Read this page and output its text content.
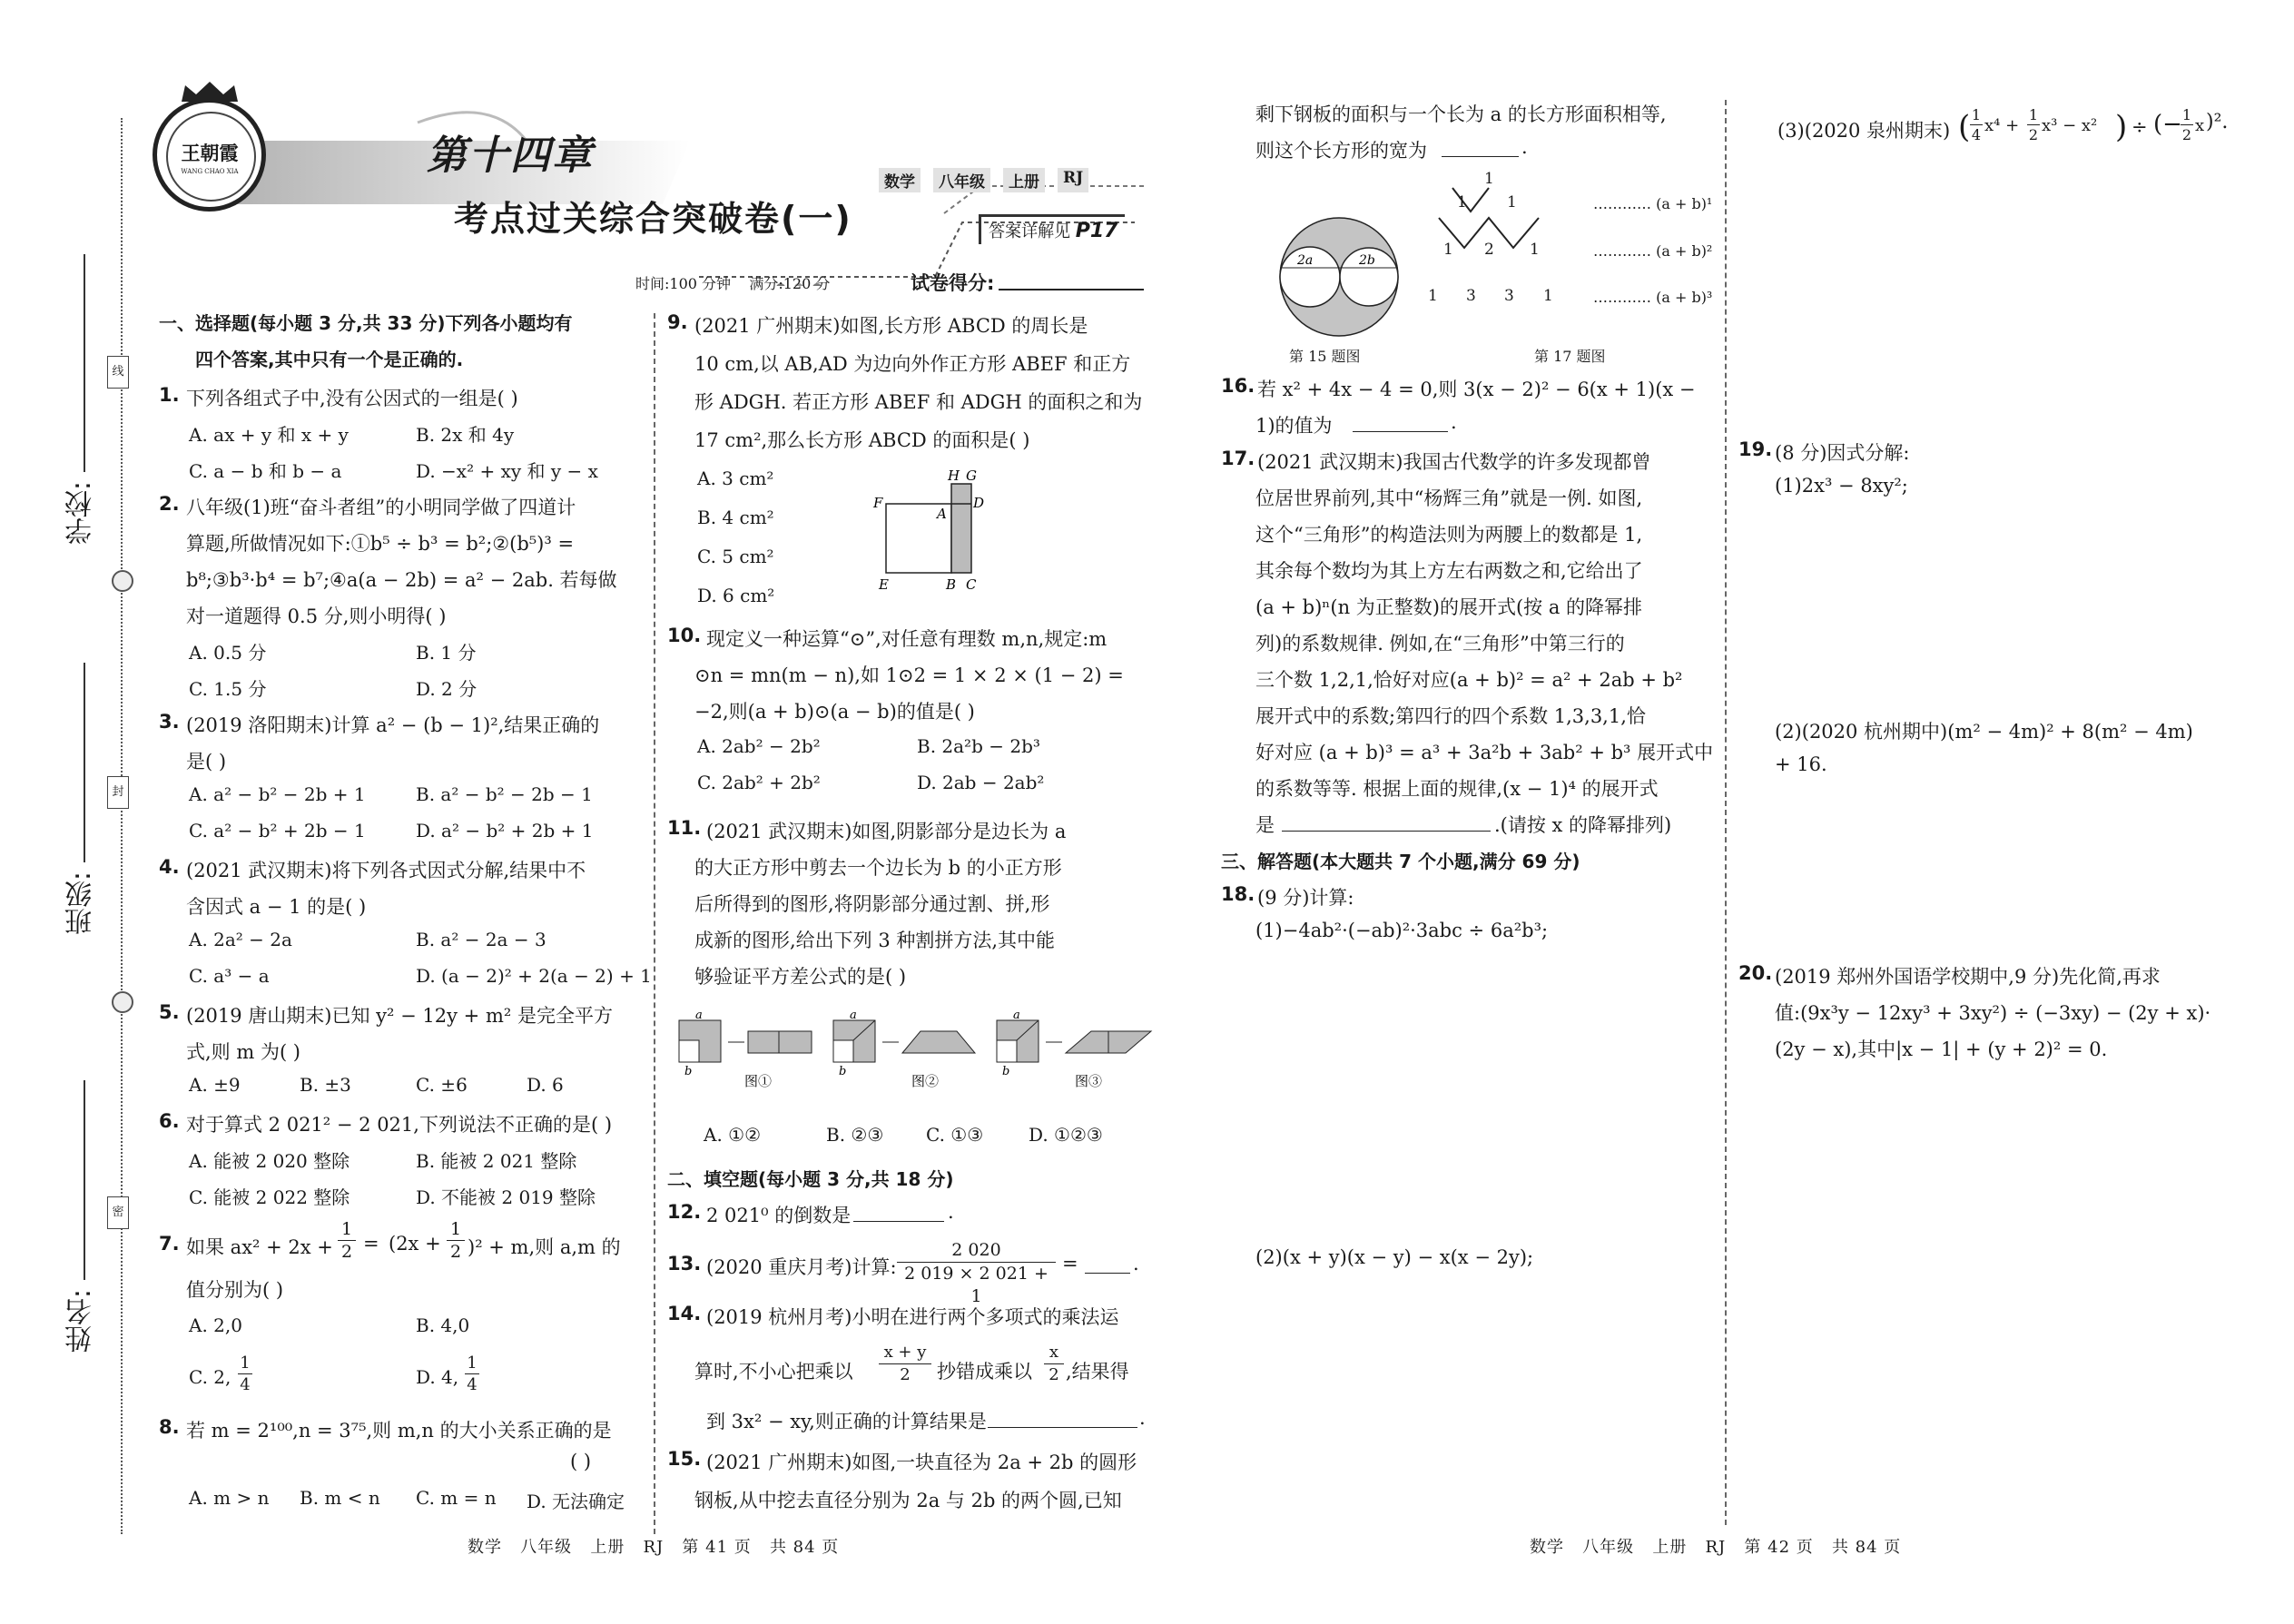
学校:
班级:
姓名:
线
封
密
王朝霞
WANG CHAO XIA	第十四章
考点过关综合突破卷(一)
数学	八年级	上册	RJ
答案详解见 P17
时间:100 分钟    满分:120 分	试卷得分:
一、选择题(每小题 3 分,共 33 分)下列各小题均有
四个答案,其中只有一个是正确的.
1. 下列各组式子中,没有公因式的一组是( )
A. ax + y 和 x + y	B. 2x 和 4y
C. a − b 和 b − a	D. −x² + xy 和 y − x
2. 八年级(1)班“奋斗者组”的小明同学做了四道计
算题,所做情况如下:①b⁵ ÷ b³ = b²;②(b⁵)³ =
b⁸;③b³·b⁴ = b⁷;④a(a − 2b) = a² − 2ab. 若每做
对一道题得 0.5 分,则小明得( )
A. 0.5 分	B. 1 分
C. 1.5 分	D. 2 分
3. (2019 洛阳期末)计算 a² − (b − 1)²,结果正确的
是( )
A. a² − b² − 2b + 1	B. a² − b² − 2b − 1
C. a² − b² + 2b − 1	D. a² − b² + 2b + 1
4. (2021 武汉期末)将下列各式因式分解,结果中不
含因式 a − 1 的是( )
A. 2a² − 2a	B. a² − 2a − 3
C. a³ − a	D. (a − 2)² + 2(a − 2) + 1
5. (2019 唐山期末)已知 y² − 12y + m² 是完全平方
式,则 m 为( )
A. ±9	B. ±3	C. ±6	D. 6
6. 对于算式 2 021² − 2 021,下列说法不正确的是( )
A. 能被 2 020 整除	B. 能被 2 021 整除
C. 能被 2 022 整除	D. 不能被 2 019 整除
7. 如果 ax² + 2x +
1
2 = (2x +
1
2 )² + m,则 a,m 的
值分别为( )
A. 2,0	B. 4,0
C. 2,
1
4	D. 4,
1
4
8. 若 m = 2¹⁰⁰,n = 3⁷⁵,则 m,n 的大小关系正确的是
( )
A. m > n B. m < n C. m = n D. 无法确定
9. (2021 广州期末)如图,长方形 ABCD 的周长是
10 cm,以 AB,AD 为边向外作正方形 ABEF 和正方
形 ADGH. 若正方形 ABEF 和 ADGH 的面积之和为
17 cm²,那么长方形 ABCD 的面积是( )
A. 3 cm²
B. 4 cm²
C. 5 cm²
D. 6 cm²
H G
F
A
D
E	B C
10. 现定义一种运算“⊙”,对任意有理数 m,n,规定:m
⊙n = mn(m − n),如 1⊙2 = 1 × 2 × (1 − 2) =
−2,则(a + b)⊙(a − b)的值是( )
A. 2ab² − 2b²	B. 2a²b − 2b³
C. 2ab² + 2b²	D. 2ab − 2ab²
11. (2021 武汉期末)如图,阴影部分是边长为 a
的大正方形中剪去一个边长为 b 的小正方形
后所得到的图形,将阴影部分通过割、拼,形
成新的图形,给出下列 3 种割拼方法,其中能
够验证平方差公式的是( )
a
b
图①
a
b
图②
a
b
图③
A. ①②	B. ②③ C. ①③ D. ①②③
二、填空题(每小题 3 分,共 18 分)
12. 2 021⁰ 的倒数是	.
13. (2020 重庆月考)计算:
2 020
2 019 × 2 021 + 1
=	.
14. (2019 杭州月考)小明在进行两个多项式的乘法运
算时,不小心把乘以
x + y
2	抄错成乘以
x
2 ,结果得
到 3x² − xy,则正确的计算结果是	.
15. (2021 广州期末)如图,一块直径为 2a + 2b 的圆形
钢板,从中挖去直径分别为 2a 与 2b 的两个圆,已知
剩下钢板的面积与一个长为 a 的长方形面积相等,
则这个长方形的宽为	.
2a	2b
第 15 题图
1
1	1
1 2 1
1 3 3 1
………… (a + b)¹
………… (a + b)²
………… (a + b)³
第 17 题图
16. 若 x² + 4x − 4 = 0,则 3(x − 2)² − 6(x + 1)(x −
1)的值为	.
17. (2021 武汉期末)我国古代数学的许多发现都曾
位居世界前列,其中“杨辉三角”就是一例. 如图,
这个“三角形”的构造法则为两腰上的数都是 1,
其余每个数均为其上方左右两数之和,它给出了
(a + b)ⁿ(n 为正整数)的展开式(按 a 的降幂排
列)的系数规律. 例如,在“三角形”中第三行的
三个数 1,2,1,恰好对应(a + b)² = a² + 2ab + b²
展开式中的系数;第四行的四个系数 1,3,3,1,恰
好对应 (a + b)³ = a³ + 3a²b + 3ab² + b³ 展开式中
的系数等等. 根据上面的规律,(x − 1)⁴ 的展开式
是	.(请按 x 的降幂排列)
三、解答题(本大题共 7 个小题,满分 69 分)
18. (9 分)计算:
(1)−4ab²·(−ab)²·3abc ÷ 6a²b³;
(2)(x + y)(x − y) − x(x − 2y);
(3)(2020 泉州期末) ( 1
4 x⁴ +
1
2 x³ − x² ) ÷ (− 1
2 x )².
19. (8 分)因式分解:
(1)2x³ − 8xy²;
(2)(2020 杭州期中)(m² − 4m)² + 8(m² − 4m)
+ 16.
20. (2019 郑州外国语学校期中,9 分)先化简,再求
值:(9x³y − 12xy³ + 3xy²) ÷ (−3xy) − (2y + x)·
(2y − x),其中|x − 1| + (y + 2)² = 0.
数学   八年级   上册   RJ   第 41 页   共 84 页	数学   八年级   上册   RJ   第 42 页   共 84 页
